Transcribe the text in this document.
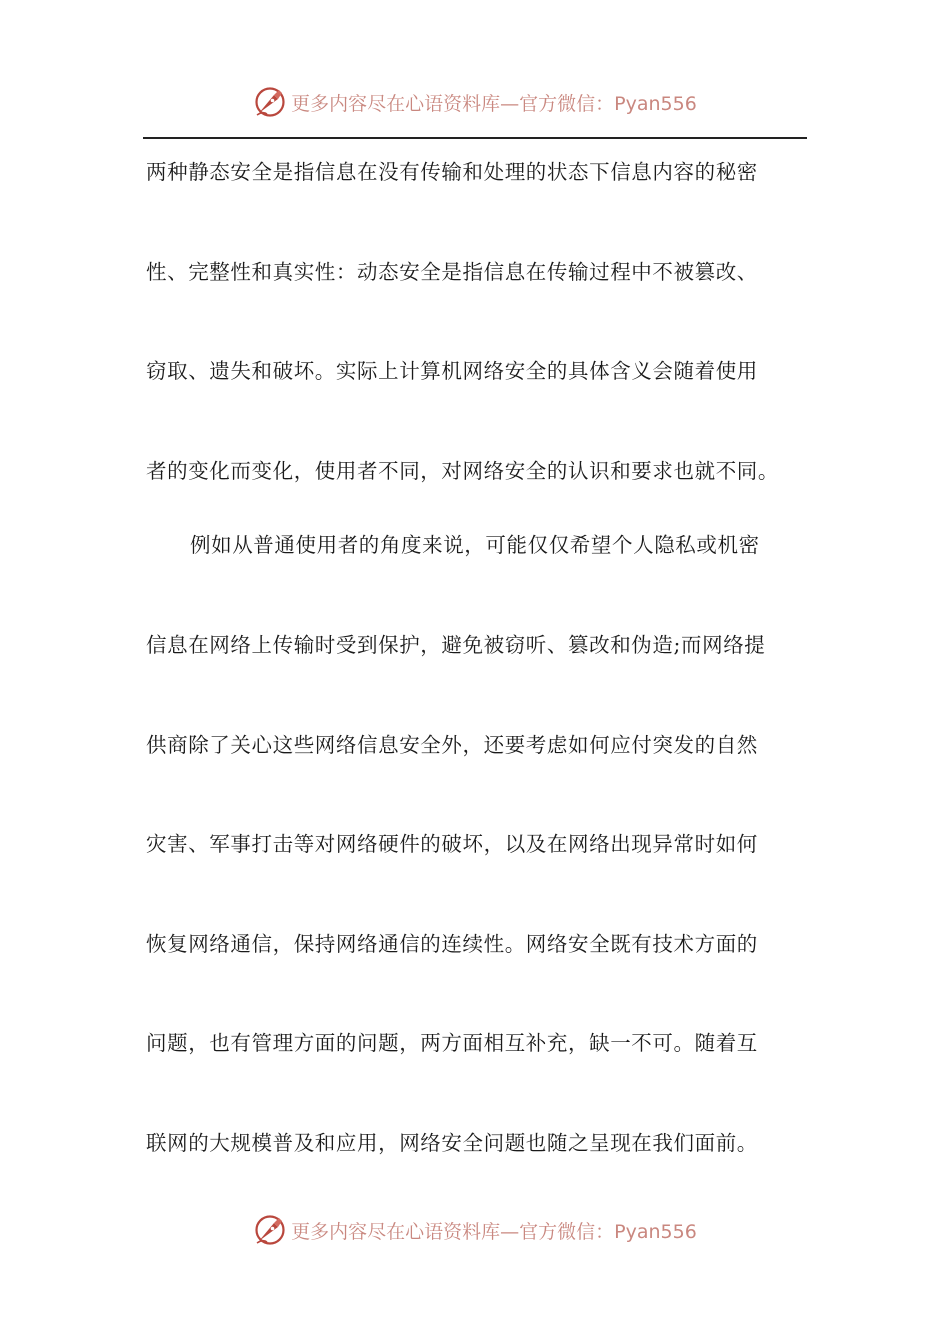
更多内容尽在心语资料库—官方微信：Pyan556
两种静态安全是指信息在没有传输和处理的状态下信息内容的秘密
性、完整性和真实性：动态安全是指信息在传输过程中不被篡改、
窃取、遗失和破坏。实际上计算机网络安全的具体含义会随着使用
者的变化而变化，使用者不同，对网络安全的认识和要求也就不同。
例如从普通使用者的角度来说，可能仅仅希望个人隐私或机密
信息在网络上传输时受到保护，避免被窃听、篡改和伪造;而网络提
供商除了关心这些网络信息安全外，还要考虑如何应付突发的自然
灾害、军事打击等对网络硬件的破坏，以及在网络出现异常时如何
恢复网络通信，保持网络通信的连续性。网络安全既有技术方面的
问题，也有管理方面的问题，两方面相互补充，缺一不可。随着互
联网的大规模普及和应用，网络安全问题也随之呈现在我们面前。
更多内容尽在心语资料库—官方微信：Pyan556
